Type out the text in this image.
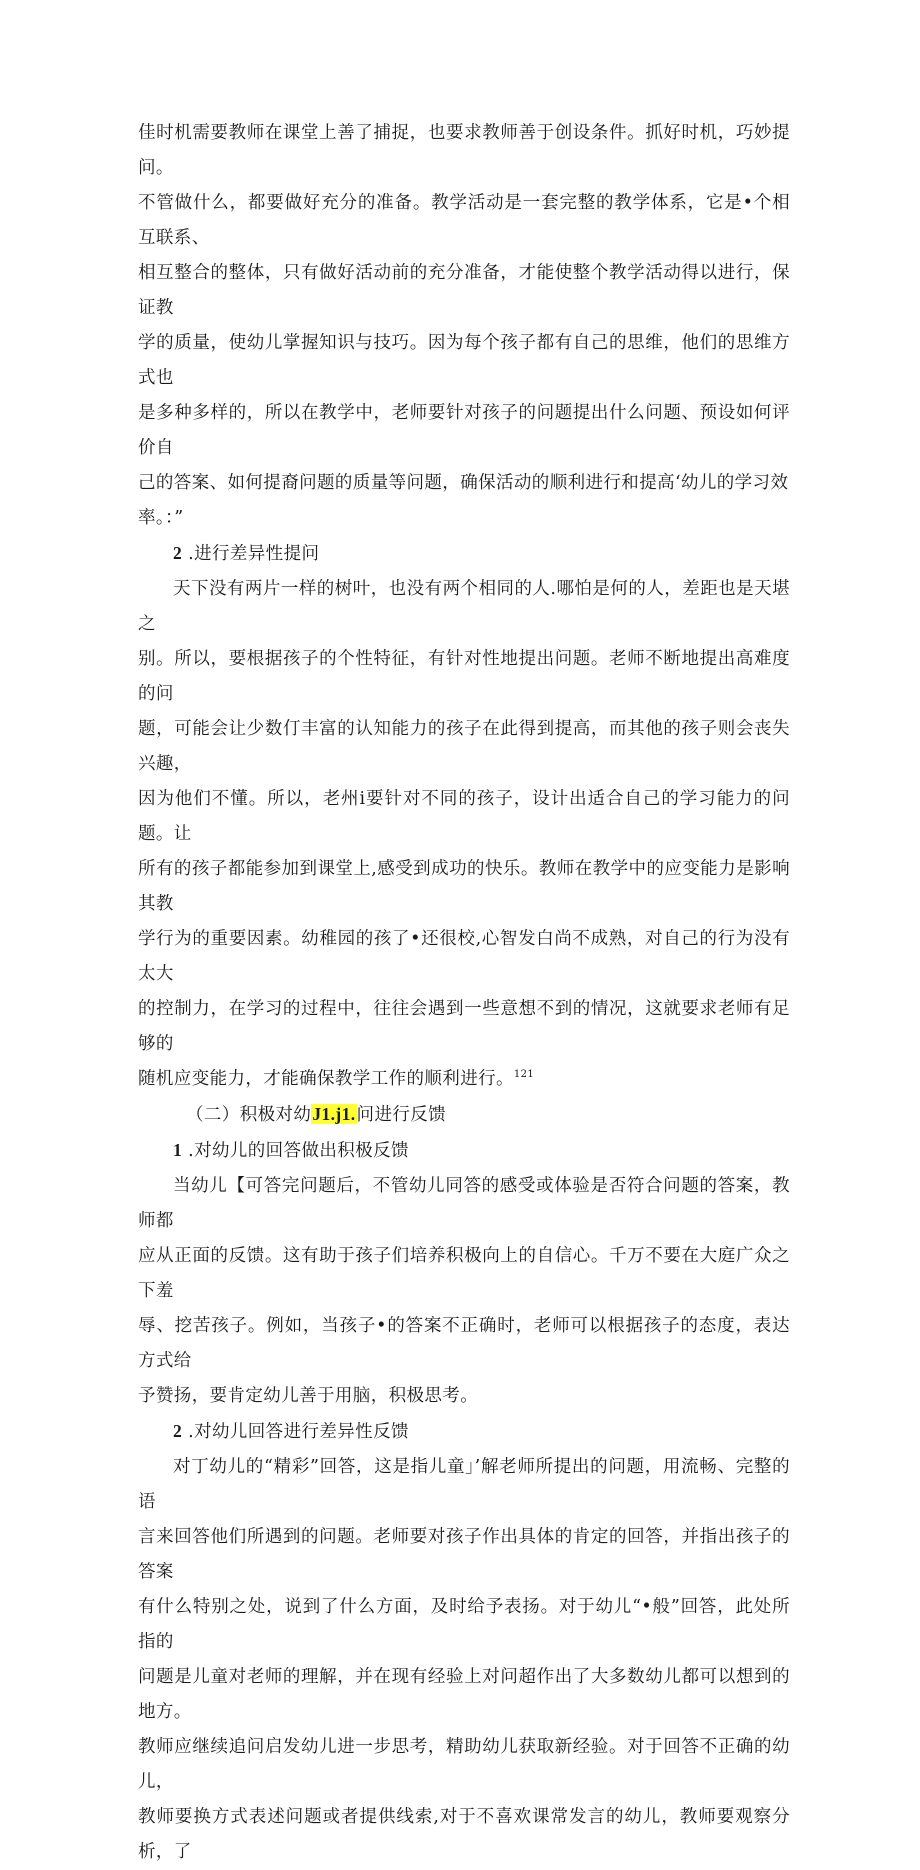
佳时机需要教师在课堂上善了捕捉，也要求教师善于创设条件。抓好时机，巧妙提问。

不管做什么，都要做好充分的准备。教学活动是一套完整的教学体系，它是•个相互联系、

相互整合的整体，只有做好活动前的充分准备，才能使整个教学活动得以进行，保证教

学的质量，使幼儿掌握知识与技巧。因为每个孩子都有自己的思维，他们的思维方式也

是多种多样的，所以在教学中，老师要针对孩子的问题提出什么问题、预设如何评价自

己的答案、如何提裔问题的质量等问题，确保活动的顺利进行和提高‘幼儿的学习效

率。：”

2 .进行差异性提问

天下没有两片一样的树叶，也没有两个相同的人.哪怕是何的人，差距也是天堪之

别。所以，要根据孩子的个性特征，有针对性地提出问题。老师不断地提出高难度的问

题，可能会让少数仃丰富的认知能力的孩子在此得到提高，而其他的孩子则会丧失兴趣，

因为他们不懂。所以，老州i要针对不同的孩子，设计出适合自己的学习能力的问题。让

所有的孩子都能参加到课堂上,感受到成功的快乐。教师在教学中的应变能力是影响其教

学行为的重要因素。幼稚园的孩了•还很校,心智发白尚不成熟，对自己的行为没有太大

的控制力，在学习的过程中，往往会遇到一些意想不到的情况，这就要求老师有足够的

随机应变能力，才能确保教学工作的顺利进行。$^{121}$

（二）积极对幼J1.j1.问进行反馈

1 .对幼儿的回答做出积极反馈

当幼儿【可答完问题后，不管幼儿同答的感受或体验是否符合问题的答案，教师都

应从正面的反馈。这有助于孩子们培养积极向上的自信心。千万不要在大庭广众之下羞

辱、挖苦孩子。例如，当孩子•的答案不正确时，老师可以根据孩子的态度，表达方式给

予赞扬，要肯定幼儿善于用脑，积极思考。

2 .对幼儿回答进行差异性反馈

对丁幼儿的“精彩”回答，这是指儿童」’解老师所提出的问题，用流畅、完整的语

言来回答他们所遇到的问题。老师要对孩子作出具体的肯定的回答，并指出孩子的答案

有什么特别之处，说到了什么方面，及时给予表扬。对于幼儿“•般”回答，此处所指的

问题是儿童对老师的理解，并在现有经验上对问超作出了大多数幼儿都可以想到的地方。

教师应继续追问启发幼儿进一步思考，精助幼儿获取新经验。对于回答不正确的幼儿，

教师要换方式表述问题或者提供线索,对于不喜欢课常发言的幼儿，教师要观察分析，了
